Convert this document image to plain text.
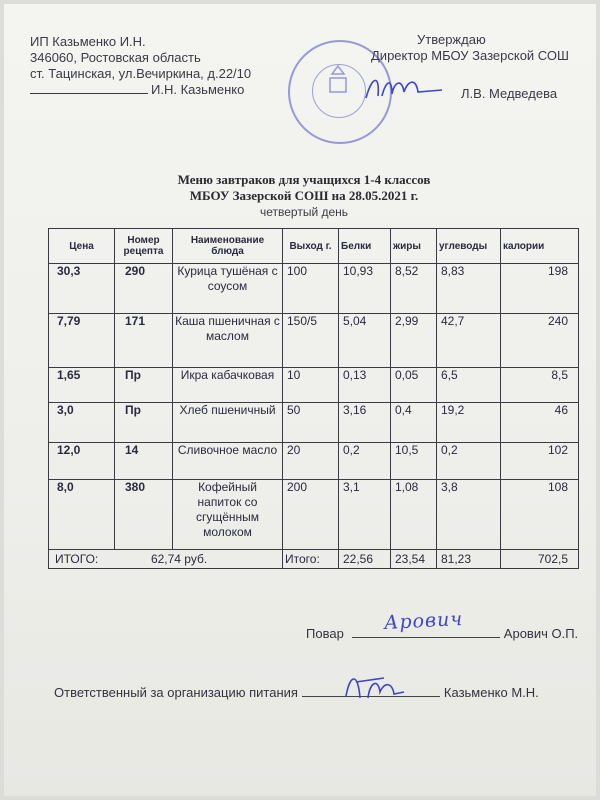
ИП Казьменко И.Н.
346060, Ростовская область
ст. Тацинская, ул.Вечиркина, д.22/10
И.Н. Казьменко
Утверждаю
Директор МБОУ Зазерской СОШ
Л.В. Медведева
Меню завтраков для учащихся 1-4 классов
МБОУ Зазерской СОШ на 28.05.2021 г.
четвертый день
Цена	Номер рецепта	Наименование блюда	Выход г.	Белки	жиры	углеводы	калории
30,3	290	Курица тушёная с соусом	100	10,93	8,52	8,83	198
7,79	171	Каша пшеничная с маслом	150/5	5,04	2,99	42,7	240
1,65	Пр	Икра кабачковая	10	0,13	0,05	6,5	8,5
3,0	Пр	Хлеб пшеничный	50	3,16	0,4	19,2	46
12,0	14	Сливочное масло	20	0,2	10,5	0,2	102
8,0	380	Кофейный напиток со сгущённым молоком	200	3,1	1,08	3,8	108
ИТОГО: 62,74 руб.			Итого:	22,56	23,54	81,23	702,5
Повар	Арович О.П.
Арович
Ответственный за организацию питания	Казьменко М.Н.
